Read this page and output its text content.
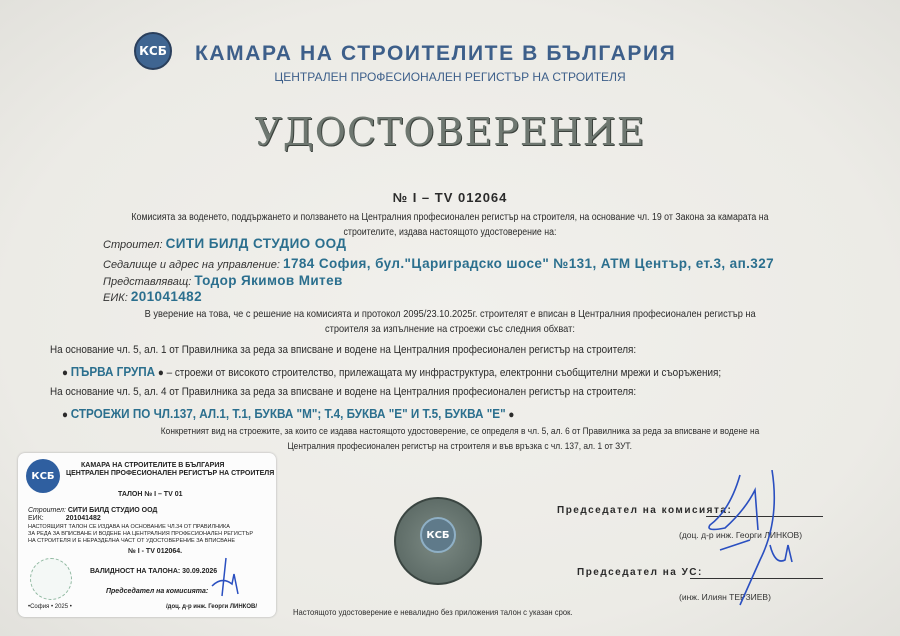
КСБ КАМАРА НА СТРОИТЕЛИТЕ В БЪЛГАРИЯ
ЦЕНТРАЛЕН ПРОФЕСИОНАЛЕН РЕГИСТЪР НА СТРОИТЕЛЯ
УДОСТОВЕРЕНИЕ
№ I – TV 012064
Комисията за воденето, поддържането и ползването на Централния професионален регистър на строителя, на основание чл. 19 от Закона за камарата на
строителите, издава настоящото удостоверение на:
Строител: СИТИ БИЛД СТУДИО ООД
Седалище и адрес на управление: 1784 София, бул."Цариградско шосе" №131, АТМ Център, ет.3, ап.327
Представляващ: Тодор Якимов Митев
ЕИК: 201041482
В уверение на това, че с решение на комисията и протокол 2095/23.10.2025г. строителят е вписан в Централния професионален регистър на
строителя за изпълнение на строежи със следния обхват:
На основание чл. 5, ал. 1 от Правилника за реда за вписване и водене на Централния професионален регистър на строителя:
● ПЪРВА ГРУПА ● – строежи от високото строителство, прилежащата му инфраструктура, електронни съобщителни мрежи и съоръжения;
На основание чл. 5, ал. 4 от Правилника за реда за вписване и водене на Централния професионален регистър на строителя:
● СТРОЕЖИ ПО ЧЛ.137, АЛ.1, Т.1, БУКВА "М"; Т.4, БУКВА "Е" И Т.5, БУКВА "Е" ●
Конкретният вид на строежите, за които се издава настоящото удостоверение, се определя в чл. 5, ал. 6 от Правилника за реда за вписване и водене на
Централния професионален регистър на строителя и във връзка с чл. 137, ал. 1 от ЗУТ.
КСБ
КАМАРА НА СТРОИТЕЛИТЕ В БЪЛГАРИЯ
ЦЕНТРАЛЕН ПРОФЕСИОНАЛЕН РЕГИСТЪР НА СТРОИТЕЛЯ
ТАЛОН № I – TV 01
Строител: СИТИ БИЛД СТУДИО ООД
ЕИК:	201041482
НАСТОЯЩИЯТ ТАЛОН СЕ ИЗДАВА НА ОСНОВАНИЕ ЧЛ.34 ОТ ПРАВИЛНИКА
ЗА РЕДА ЗА ВПИСВАНЕ И ВОДЕНЕ НА ЦЕНТРАЛНИЯ ПРОФЕСИОНАЛЕН РЕГИСТЪР
НА СТРОИТЕЛЯ И Е НЕРАЗДЕЛНА ЧАСТ ОТ УДОСТОВЕРЕНИЕ ЗА ВПИСВАНЕ
№ I - TV 012064.
•София • 2025 •
ВАЛИДНОСТ НА ТАЛОНА: 30.09.2026
Председател на комисията:
/доц. д-р инж. Георги ЛИНКОВ/
КСБ
Председател на комисията:
(доц. д-р инж. Георги ЛИНКОВ)
Председател на УС:
(инж. Илиян ТЕРЗИЕВ)
Настоящото удостоверение е невалидно без приложения талон с указан срок.
